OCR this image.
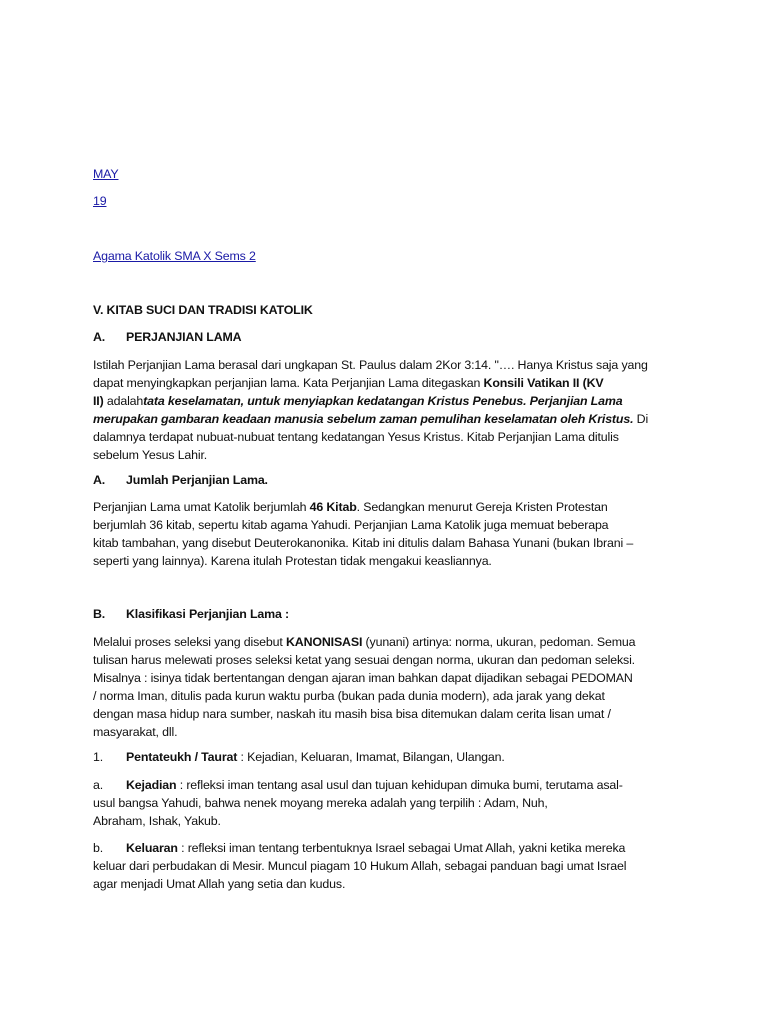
MAY
19
Agama Katolik SMA X Sems 2
V. KITAB SUCI DAN TRADISI KATOLIK
A. PERJANJIAN LAMA
Istilah Perjanjian Lama berasal dari ungkapan St. Paulus dalam 2Kor 3:14. "…. Hanya Kristus saja yang
dapat menyingkapkan perjanjian lama. Kata Perjanjian Lama ditegaskan Konsili Vatikan II (KV
II) adalahtata keselamatan, untuk menyiapkan kedatangan Kristus Penebus. Perjanjian Lama
merupakan gambaran keadaan manusia sebelum zaman pemulihan keselamatan oleh Kristus. Di
dalamnya terdapat nubuat-nubuat tentang kedatangan Yesus Kristus. Kitab Perjanjian Lama ditulis
sebelum Yesus Lahir.
A. Jumlah Perjanjian Lama.
Perjanjian Lama umat Katolik berjumlah 46 Kitab. Sedangkan menurut Gereja Kristen Protestan
berjumlah 36 kitab, sepertu kitab agama Yahudi. Perjanjian Lama Katolik juga memuat beberapa
kitab tambahan, yang disebut Deuterokanonika. Kitab ini ditulis dalam Bahasa Yunani (bukan Ibrani –
seperti yang lainnya). Karena itulah Protestan tidak mengakui keasliannya.
B. Klasifikasi Perjanjian Lama :
Melalui proses seleksi yang disebut KANONISASI (yunani) artinya: norma, ukuran, pedoman. Semua
tulisan harus melewati proses seleksi ketat yang sesuai dengan norma, ukuran dan pedoman seleksi.
Misalnya : isinya tidak bertentangan dengan ajaran iman bahkan dapat dijadikan sebagai PEDOMAN
/ norma Iman, ditulis pada kurun waktu purba (bukan pada dunia modern), ada jarak yang dekat
dengan masa hidup nara sumber, naskah itu masih bisa bisa ditemukan dalam cerita lisan umat /
masyarakat, dll.
1. Pentateukh / Taurat : Kejadian, Keluaran, Imamat, Bilangan, Ulangan.
a. Kejadian : refleksi iman tentang asal usul dan tujuan kehidupan dimuka bumi, terutama asal-
usul bangsa Yahudi, bahwa nenek moyang mereka adalah yang terpilih : Adam, Nuh,
Abraham, Ishak, Yakub.
b. Keluaran : refleksi iman tentang terbentuknya Israel sebagai Umat Allah, yakni ketika mereka
keluar dari perbudakan di Mesir. Muncul piagam 10 Hukum Allah, sebagai panduan bagi umat Israel
agar menjadi Umat Allah yang setia dan kudus.
